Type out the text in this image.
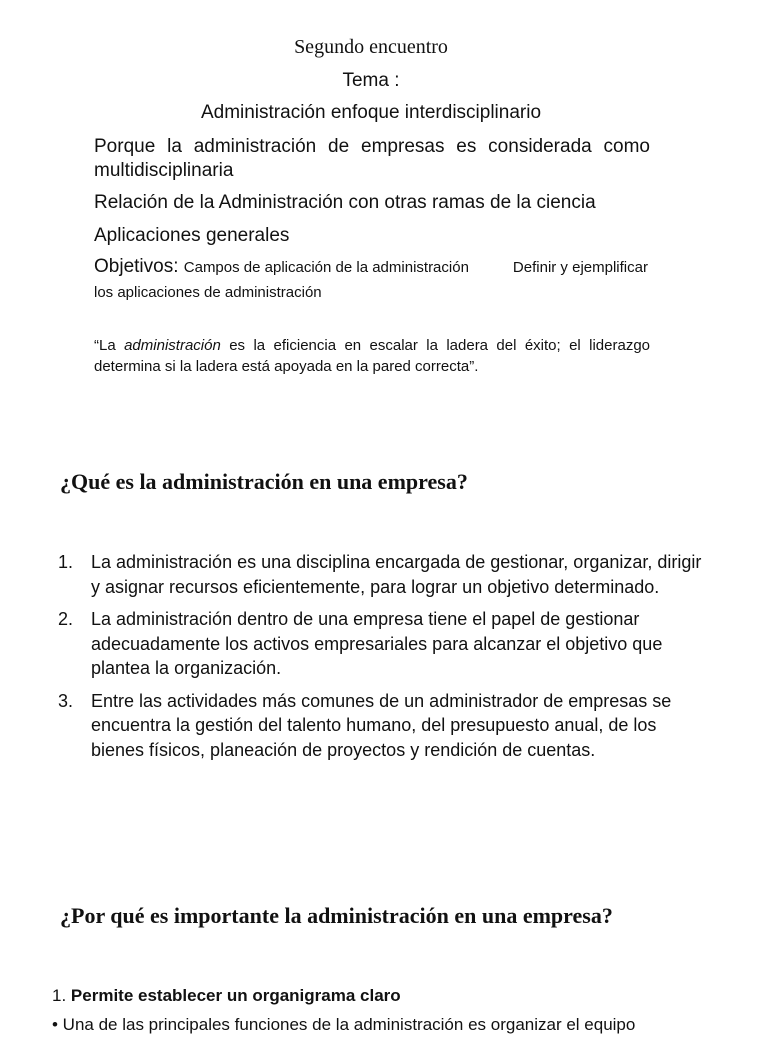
Segundo encuentro
Tema :
Administración enfoque interdisciplinario
Porque la administración de empresas es considerada como multidisciplinaria
Relación de la Administración con otras ramas de la ciencia
Aplicaciones generales
Objetivos: Campos de aplicación de la administración	Definir y ejemplificar los aplicaciones de administración
“La administración es la eficiencia en escalar la ladera del éxito; el liderazgo determina si la ladera está apoyada en la pared correcta”.
¿Qué es la administración en una empresa?
1. La administración es una disciplina encargada de gestionar, organizar, dirigir y asignar recursos eficientemente, para lograr un objetivo determinado.
2. La administración dentro de una empresa tiene el papel de gestionar adecuadamente los activos empresariales para alcanzar el objetivo que plantea la organización.
3. Entre las actividades más comunes de un administrador de empresas se encuentra la gestión del talento humano, del presupuesto anual, de los bienes físicos, planeación de proyectos y rendición de cuentas.
¿Por qué es importante la administración en una empresa?
1. Permite establecer un organigrama claro
• Una de las principales funciones de la administración es organizar el equipo
